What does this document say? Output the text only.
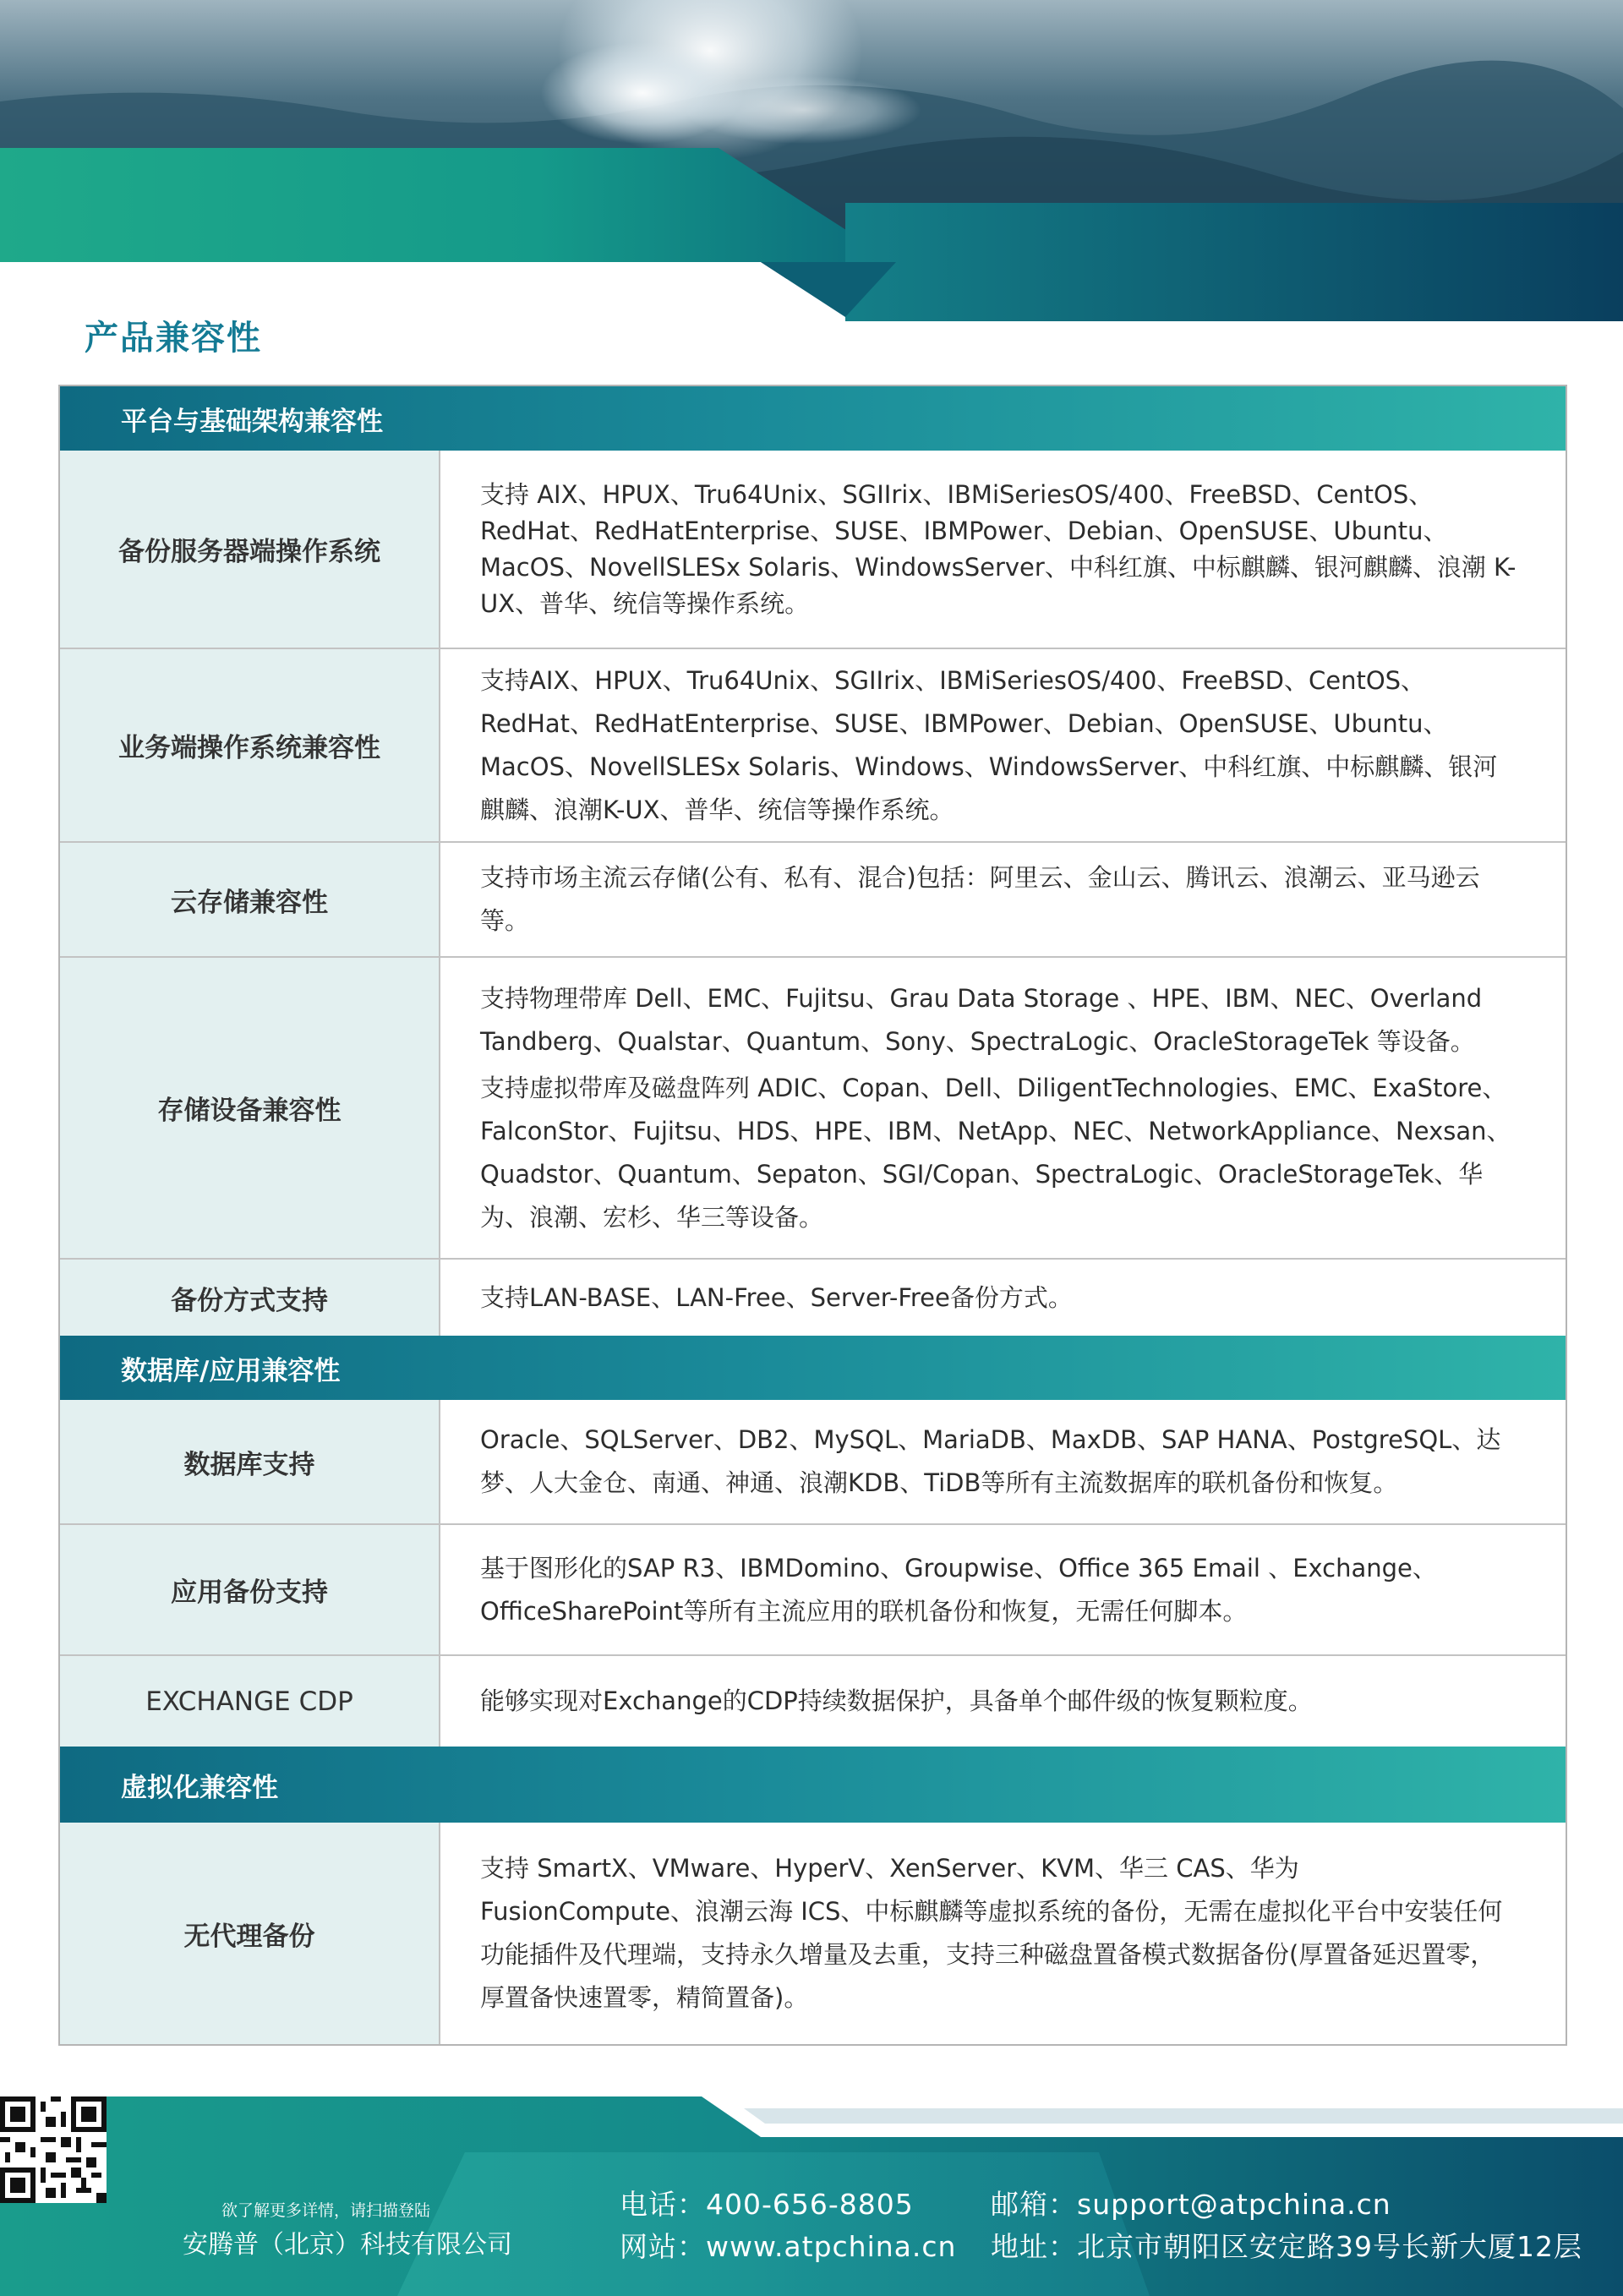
产品兼容性
平台与基础架构兼容性
备份服务器端操作系统

支持 AIX、HPUX、Tru64Unix、SGIIrix、IBMiSeriesOS/400、FreeBSD、CentOS、RedHat、RedHatEnterprise、SUSE、IBMPower、Debian、OpenSUSE、Ubuntu、MacOS、NovellSLESx Solaris、WindowsServer、中科红旗、中标麒麟、银河麒麟、浪潮 K-UX、普华、统信等操作系统。

业务端操作系统兼容性

支持AIX、HPUX、Tru64Unix、SGIIrix、IBMiSeriesOS/400、FreeBSD、CentOS、RedHat、RedHatEnterprise、SUSE、IBMPower、Debian、OpenSUSE、Ubuntu、MacOS、NovellSLESx Solaris、Windows、WindowsServer、中科红旗、中标麒麟、银河麒麟、浪潮K-UX、普华、统信等操作系统。

云存储兼容性

支持市场主流云存储(公有、私有、混合)包括：阿里云、金山云、腾讯云、浪潮云、亚马逊云等。

存储设备兼容性

支持物理带库 Dell、EMC、Fujitsu、Grau Data Storage 、HPE、IBM、NEC、Overland Tandberg、Qualstar、Quantum、Sony、SpectraLogic、OracleStorageTek 等设备。

支持虚拟带库及磁盘阵列 ADIC、Copan、Dell、DiligentTechnologies、EMC、ExaStore、FalconStor、Fujitsu、HDS、HPE、IBM、NetApp、NEC、NetworkAppliance、Nexsan、Quadstor、Quantum、Sepaton、SGI/Copan、SpectraLogic、OracleStorageTek、华为、浪潮、宏杉、华三等设备。

备份方式支持	支持LAN-BASE、LAN-Free、Server-Free备份方式。

数据库/应用兼容性
数据库支持

Oracle、SQLServer、DB2、MySQL、MariaDB、MaxDB、SAP HANA、PostgreSQL、达梦、人大金仓、南通、神通、浪潮KDB、TiDB等所有主流数据库的联机备份和恢复。

应用备份支持

基于图形化的SAP R3、IBMDomino、Groupwise、Office 365 Email 、Exchange、OfficeSharePoint等所有主流应用的联机备份和恢复，无需任何脚本。

EXCHANGE CDP	能够实现对Exchange的CDP持续数据保护，具备单个邮件级的恢复颗粒度。

虚拟化兼容性
无代理备份

支持 SmartX、VMware、HyperV、XenServer、KVM、华三 CAS、华为 FusionCompute、浪潮云海 ICS、中标麒麟等虚拟系统的备份，无需在虚拟化平台中安装任何功能插件及代理端，支持永久增量及去重，支持三种磁盘置备模式数据备份(厚置备延迟置零，厚置备快速置零，精简置备)。

欲了解更多详情，请扫描登陆
安腾普（北京）科技有限公司
电话：400-656-8805
网站：www.atpchina.cn
邮箱：support@atpchina.cn
地址：北京市朝阳区安定路39号长新大厦12层
